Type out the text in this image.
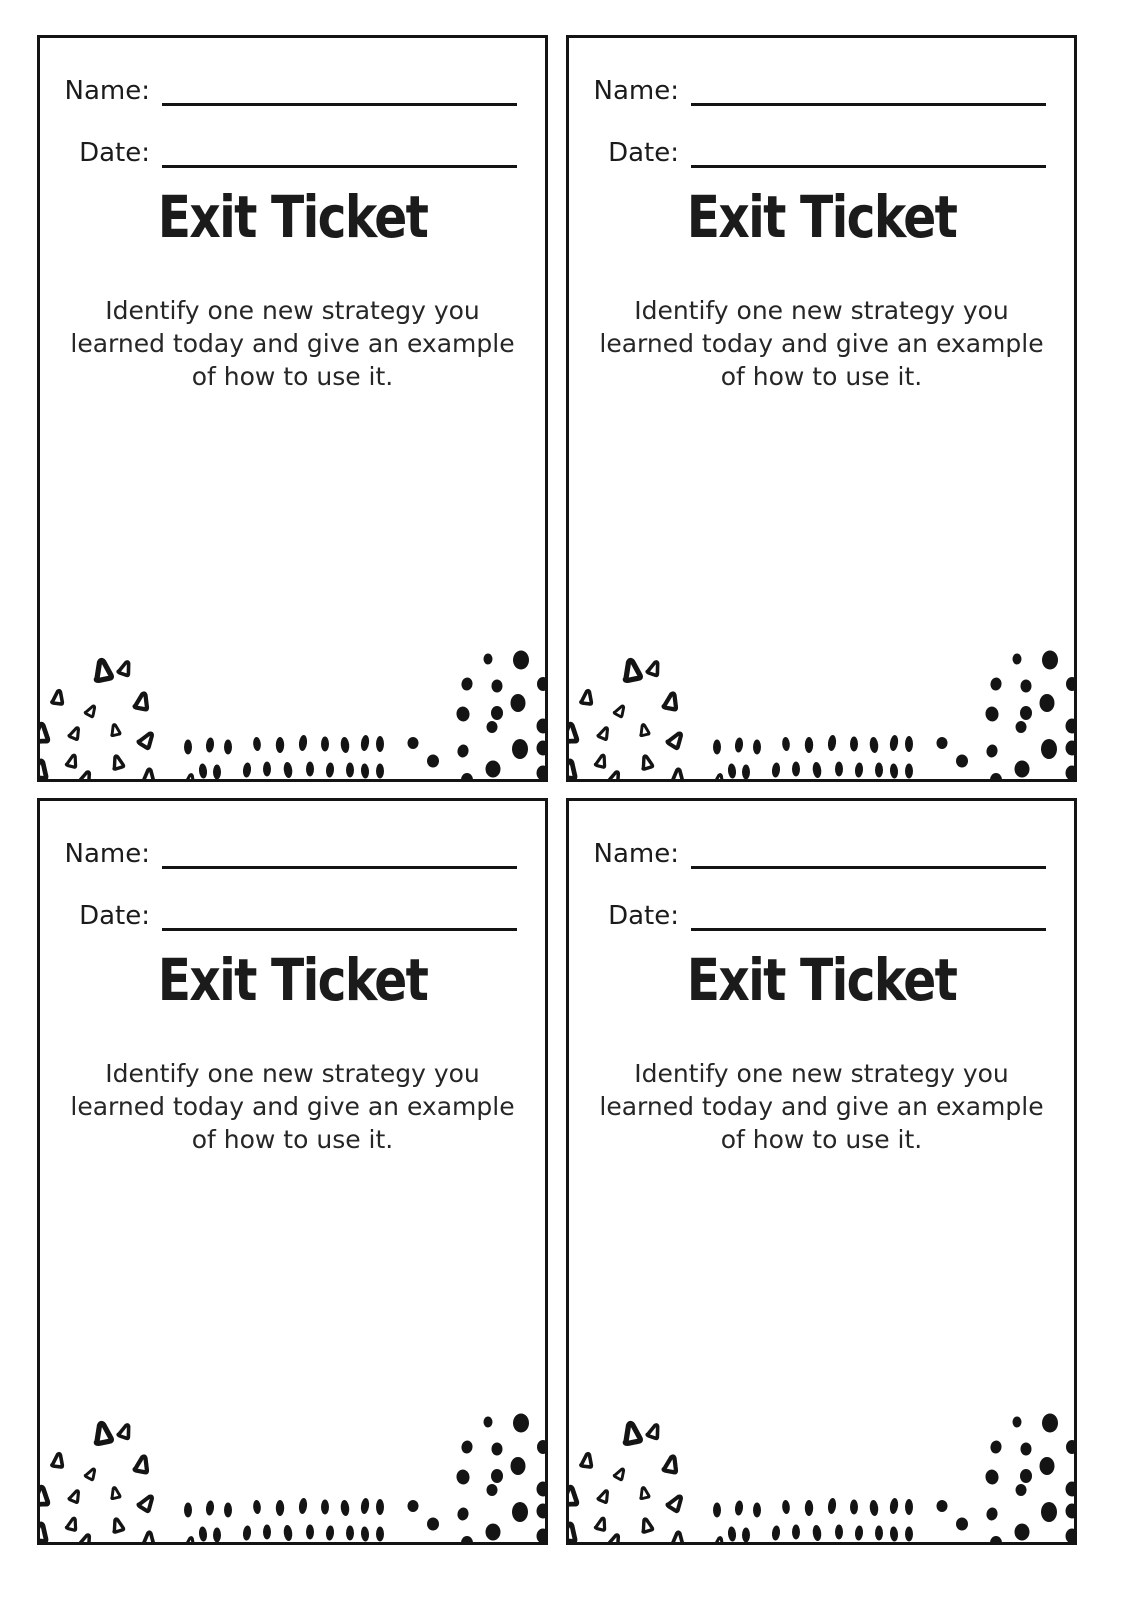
Name:
Date:
Exit Ticket

Identify one new strategy you
learned today and give an example
of how to use it.

Name:
Date:
Exit Ticket

Identify one new strategy you
learned today and give an example
of how to use it.

Name:
Date:
Exit Ticket

Identify one new strategy you
learned today and give an example
of how to use it.

Name:
Date:
Exit Ticket

Identify one new strategy you
learned today and give an example
of how to use it.
